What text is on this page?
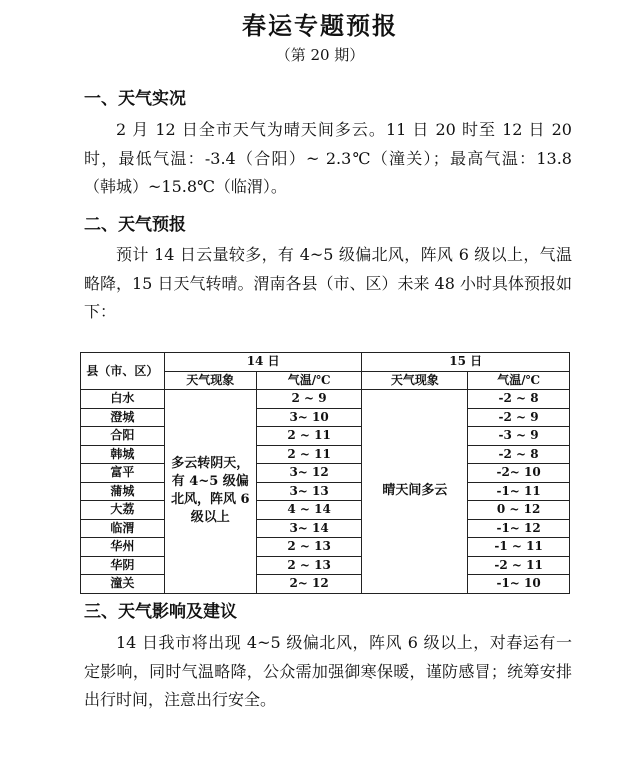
春运专题预报
（第 20 期）
一、天气实况
2 月 12 日全市天气为晴天间多云。11 日 20 时至 12 日 20 时，最低气温：-3.4（合阳）~ 2.3℃（潼关）；最高气温：13.8（韩城）~15.8℃（临渭）。
二、天气预报
预计 14 日云量较多，有 4~5 级偏北风，阵风 6 级以上，气温略降，15 日天气转晴。渭南各县（市、区）未来 48 小时具体预报如下：
县（市、区）	14 日		15 日	
	天气现象	气温/℃	天气现象	气温/℃
白水	多云转阴天，有 4~5 级偏北风，阵风 6 级以上	2 ~ 9	晴天间多云	-2 ~ 8
澄城		3~ 10		-2 ~ 9
合阳		2 ~ 11		-3 ~ 9
韩城		2 ~ 11		-2 ~ 8
富平		3~ 12		-2~ 10
蒲城		3~ 13		-1~ 11
大荔		4 ~ 14		0 ~ 12
临渭		3~ 14		-1~ 12
华州		2 ~ 13		-1 ~ 11
华阴		2 ~ 13		-2 ~ 11
潼关		2~ 12		-1~ 10
三、天气影响及建议
14 日我市将出现 4~5 级偏北风，阵风 6 级以上，对春运有一定影响，同时气温略降，公众需加强御寒保暖，谨防感冒；统筹安排出行时间，注意出行安全。
